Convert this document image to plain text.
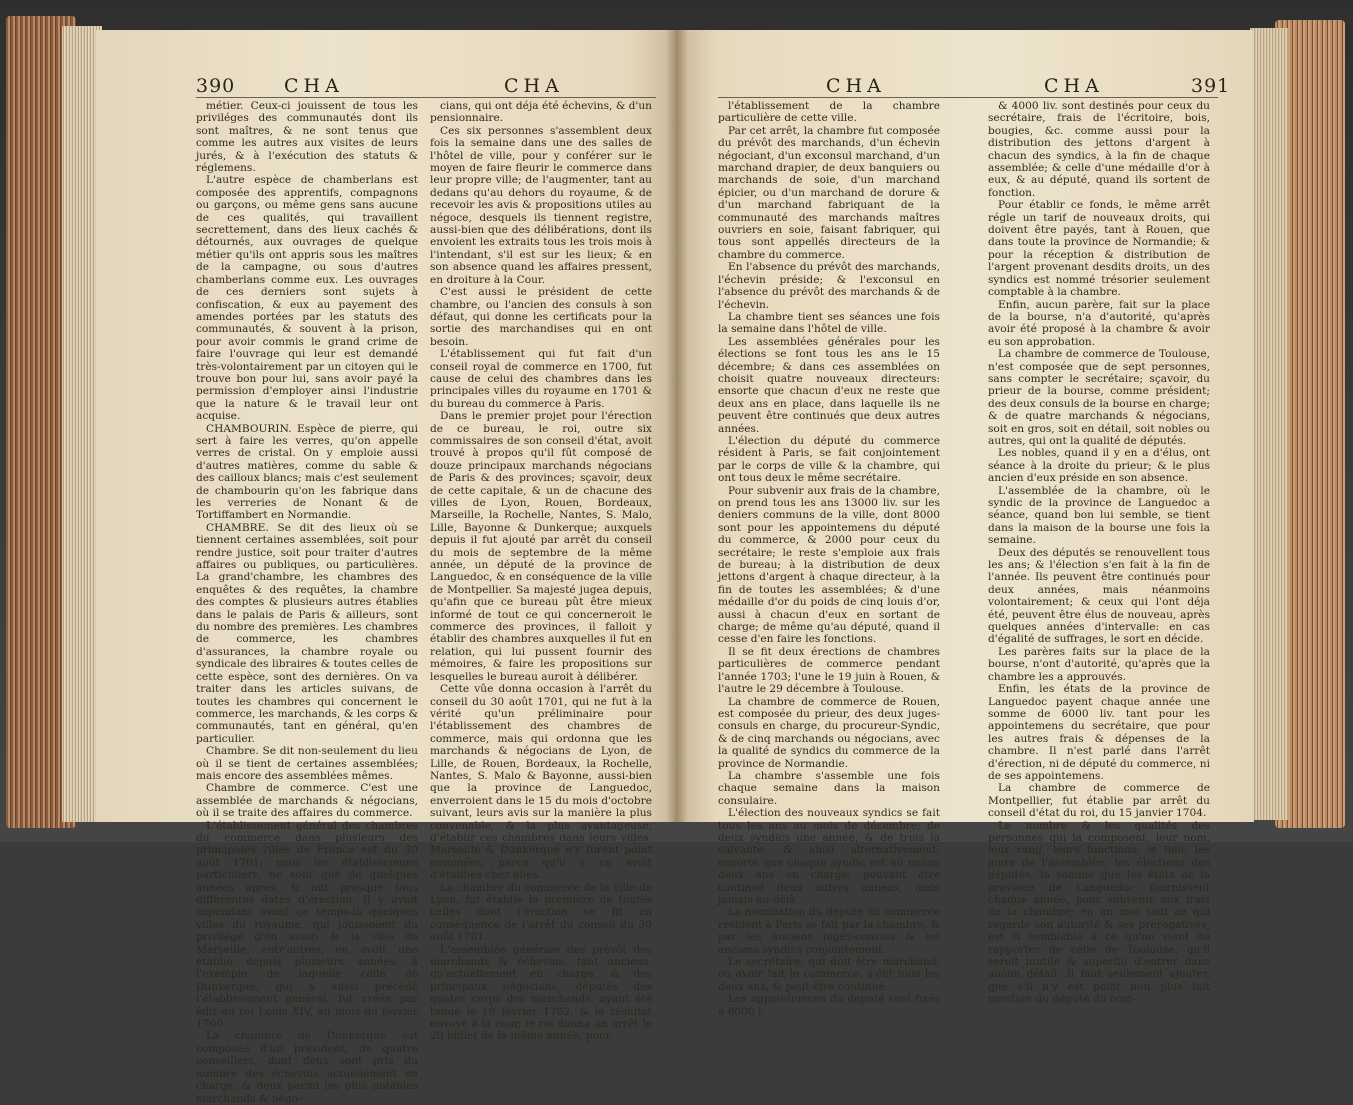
390	CHA	CHA

métier. Ceux-ci jouissent de tous les priviléges des communautés dont ils sont maîtres, & ne sont tenus que comme les autres aux visites de leurs jurés, & à l'exécution des statuts & réglemens.

L'autre espèce de chamberlans est composée des apprentifs, compagnons ou garçons, ou même gens sans aucune de ces qualités, qui travaillent secrettement, dans des lieux cachés & détournés, aux ouvrages de quelque métier qu'ils ont appris sous les maîtres de la campagne, ou sous d'autres chamberlans comme eux. Les ouvrages de ces derniers sont sujets à confiscation, & eux au payement des amendes portées par les statuts des communautés, & souvent à la prison, pour avoir commis le grand crime de faire l'ouvrage qui leur est demandé très-volontairement par un citoyen qui le trouve bon pour lui, sans avoir payé la permission d'employer ainsi l'industrie que la nature & le travail leur ont acquise.

CHAMBOURIN. Espèce de pierre, qui sert à faire les verres, qu'on appelle verres de cristal. On y emploie aussi d'autres matières, comme du sable & des cailloux blancs; mais c'est seulement de chambourin qu'on les fabrique dans les verreries de Nonant & de Tortiffambert en Normandie.

CHAMBRE. Se dit des lieux où se tiennent certaines assemblées, soit pour rendre justice, soit pour traiter d'autres affaires ou publiques, ou particulières. La grand'chambre, les chambres des enquêtes & des requêtes, la chambre des comptes & plusieurs autres établies dans le palais de Paris & ailleurs, sont du nombre des premières. Les chambres de commerce, les chambres d'assurances, la chambre royale ou syndicale des libraires & toutes celles de cette espèce, sont des dernières. On va traiter dans les articles suivans, de toutes les chambres qui concernent le commerce, les marchands, & les corps & communautés, tant en général, qu'en particulier.

Chambre. Se dit non-seulement du lieu où il se tient de certaines assemblées; mais encore des assemblées mêmes.

Chambre de commerce. C'est une assemblée de marchands & négocians, où il se traite des affaires du commerce.

L'établissement général des chambres du commerce dans plusieurs des principales villes de France est du 30 août 1701; mais les établissemens particuliers, ne sont que de quelques années après, & ont presque tous différentes dates d'érection. Il y avoit cependant avant ce temps-là quelques villes du royaume, qui jouissoient du privilége d'en avoir; & la ville de Marseille, entr'autres, en avoit une établie depuis plusieurs années; à l'exemple de laquelle celle de Dunkerque, qui a aussi précédé l'établissement général, fut créée par édit du roi Louis XIV, au mois de février 1700.

La chambre de Dunkerque est composée d'un président, de quatre conseillers, dont deux sont pris du nombre des échevins actuellement en charge, & deux parmi les plus notables marchands & négo-

cians, qui ont déja été échevins, & d'un pensionnaire.

Ces six personnes s'assemblent deux fois la semaine dans une des salles de l'hôtel de ville, pour y conférer sur le moyen de faire fleurir le commerce dans leur propre ville; de l'augmenter, tant au dedans qu'au dehors du royaume, & de recevoir les avis & propositions utiles au négoce, desquels ils tiennent registre, aussi-bien que des délibérations, dont ils envoient les extraits tous les trois mois à l'intendant, s'il est sur les lieux; & en son absence quand les affaires pressent, en droiture à la Cour.

C'est aussi le président de cette chambre, ou l'ancien des consuls à son défaut, qui donne les certificats pour la sortie des marchandises qui en ont besoin.

L'établissement qui fut fait d'un conseil royal de commerce en 1700, fut cause de celui des chambres dans les principales villes du royaume en 1701 & du bureau du commerce à Paris.

Dans le premier projet pour l'érection de ce bureau, le roi, outre six commissaires de son conseil d'état, avoit trouvé à propos qu'il fût composé de douze principaux marchands négocians de Paris & des provinces; sçavoir, deux de cette capitale, & un de chacune des villes de Lyon, Rouen, Bordeaux, Marseille, la Rochelle, Nantes, S. Malo, Lille, Bayonne & Dunkerque; auxquels depuis il fut ajouté par arrêt du conseil du mois de septembre de la même année, un député de la province de Languedoc, & en conséquence de la ville de Montpellier. Sa majesté jugea depuis, qu'afin que ce bureau pût être mieux informé de tout ce qui concerneroit le commerce des provinces, il falloit y établir des chambres auxquelles il fut en relation, qui lui pussent fournir des mémoires, & faire les propositions sur lesquelles le bureau auroit à délibérer.

Cette vûe donna occasion à l'arrêt du conseil du 30 août 1701, qui ne fut à la vérité qu'un préliminaire pour l'établissement des chambres de commerce, mais qui ordonna que les marchands & négocians de Lyon, de Lille, de Rouen, Bordeaux, la Rochelle, Nantes, S. Malo & Bayonne, aussi-bien que la province de Languedoc, enverroient dans le 15 du mois d'octobre suivant, leurs avis sur la manière la plus convenable, & la plus avantageuse, d'établir ces chambres dans leurs villes. Marseille & Dunkerque n'y furent point nommées, parce qu'il y en avoit d'établies chez elles.

La chambre du commerce de la ville de Lyon, fut établie la première de toutes celles dont l'érection se fit en conséquence de l'arrêt du conseil du 30 août 1701.

L'assemblée générale des prévôt des marchands & échevins, tant anciens, qu'actuellement en charge, & des principaux négocians, députés des quatre corps des marchands, ayant été tenue le 10 février 1702, & le résultat envoyé à la cour, le roi donna un arrêt le 20 juillet de la même année, pour

CHA	CHA	391

l'établissement de la chambre particulière de cette ville.

Par cet arrêt, la chambre fut composée du prévôt des marchands, d'un échevin négociant, d'un exconsul marchand, d'un marchand drapier, de deux banquiers ou marchands de soie, d'un marchand épicier, ou d'un marchand de dorure & d'un marchand fabriquant de la communauté des marchands maîtres ouvriers en soie, faisant fabriquer, qui tous sont appellés directeurs de la chambre du commerce.

En l'absence du prévôt des marchands, l'échevin préside; & l'exconsul en l'absence du prévôt des marchands & de l'échevin.

La chambre tient ses séances une fois la semaine dans l'hôtel de ville.

Les assemblées générales pour les élections se font tous les ans le 15 décembre; & dans ces assemblées on choisit quatre nouveaux directeurs: ensorte que chacun d'eux ne reste que deux ans en place, dans laquelle ils ne peuvent être continués que deux autres années.

L'élection du député du commerce résident à Paris, se fait conjointement par le corps de ville & la chambre, qui ont tous deux le même secrétaire.

Pour subvenir aux frais de la chambre, on prend tous les ans 13000 liv. sur les deniers communs de la ville, dont 8000 sont pour les appointemens du député du commerce, & 2000 pour ceux du secrétaire; le reste s'emploie aux frais de bureau; à la distribution de deux jettons d'argent à chaque directeur, à la fin de toutes les assemblées; & d'une médaille d'or du poids de cinq louis d'or, aussi à chacun d'eux en sortant de charge; de même qu'au député, quand il cesse d'en faire les fonctions.

Il se fit deux érections de chambres particulières de commerce pendant l'année 1703; l'une le 19 juin à Rouen, & l'autre le 29 décembre à Toulouse.

La chambre de commerce de Rouen, est composée du prieur, des deux juges-consuls en charge, du procureur-Syndic, & de cinq marchands ou négocians, avec la qualité de syndics du commerce de la province de Normandie.

La chambre s'assemble une fois chaque semaine dans la maison consulaire.

L'élection des nouveaux syndics se fait tous les ans au mois de décembre; de deux syndics une année, & de trois la suivante, & ainsi alternativement; ensorte que chaque syndic est au moins deux ans en charge; pouvant être continué deux autres années, mais jamais au-delà.

La nomination du député du commerce résident à Paris se fait par la chambre, & par les anciens juges-consuls & les anciens syndics conjointement.

Le secrétaire, qui doit être marchand, ou avoir fait le commerce, s'élit tous les deux ans, & peut être continué.

Les appointemens du député sont fixés à 8000 l.

& 4000 liv. sont destinés pour ceux du secrétaire, frais de l'écritoire, bois, bougies, &c. comme aussi pour la distribution des jettons d'argent à chacun des syndics, à la fin de chaque assemblée; & celle d'une médaille d'or à eux, & au député, quand ils sortent de fonction.

Pour établir ce fonds, le même arrêt régle un tarif de nouveaux droits, qui doivent être payés, tant à Rouen, que dans toute la province de Normandie; & pour la réception & distribution de l'argent provenant desdits droits, un des syndics est nommé trésorier seulement comptable à la chambre.

Enfin, aucun parère, fait sur la place de la bourse, n'a d'autorité, qu'après avoir été proposé à la chambre & avoir eu son approbation.

La chambre de commerce de Toulouse, n'est composée que de sept personnes, sans compter le secrétaire; sçavoir, du prieur de la bourse, comme président; des deux consuls de la bourse en charge; & de quatre marchands & négocians, soit en gros, soit en détail, soit nobles ou autres, qui ont la qualité de députés.

Les nobles, quand il y en a d'élus, ont séance à la droite du prieur; & le plus ancien d'eux préside en son absence.

L'assemblée de la chambre, où le syndic de la province de Languedoc a séance, quand bon lui semble, se tient dans la maison de la bourse une fois la semaine.

Deux des députés se renouvellent tous les ans; & l'élection s'en fait à la fin de l'année. Ils peuvent être continués pour deux années, mais néanmoins volontairement; & ceux qui l'ont déja été, peuvent être élus de nouveau, après quelques années d'intervalle: en cas d'égalité de suffrages, le sort en décide.

Les parères faits sur la place de la bourse, n'ont d'autorité, qu'après que la chambre les a approuvés.

Enfin, les états de la province de Languedoc payent chaque année une somme de 6000 liv. tant pour les appointemens du secrétaire, que pour les autres frais & dépenses de la chambre. Il n'est parlé dans l'arrêt d'érection, ni de député du commerce, ni de ses appointemens.

La chambre de commerce de Montpellier, fut établie par arrêt du conseil d'état du roi, du 15 janvier 1704.

Le nombre & les qualités des personnes qui la composent, leur nom, leur rang, leurs fonctions, le lieu, les jours de l'assemblée, les élections des députés, la somme que les états de la province de Languedoc fournissent chaque année, pour subvenir aux frais de la chambre; en un mot tout ce qui regarde son autorité & ses prérogatives, est si semblable à ce qu'on vient de rapporter de celle de Toulouse, qu'il seroit inutile & superflu d'entrer dans aucun détail. Il faut seulement ajouter, que s'il n'y est point non plus fait mention du député du com-
